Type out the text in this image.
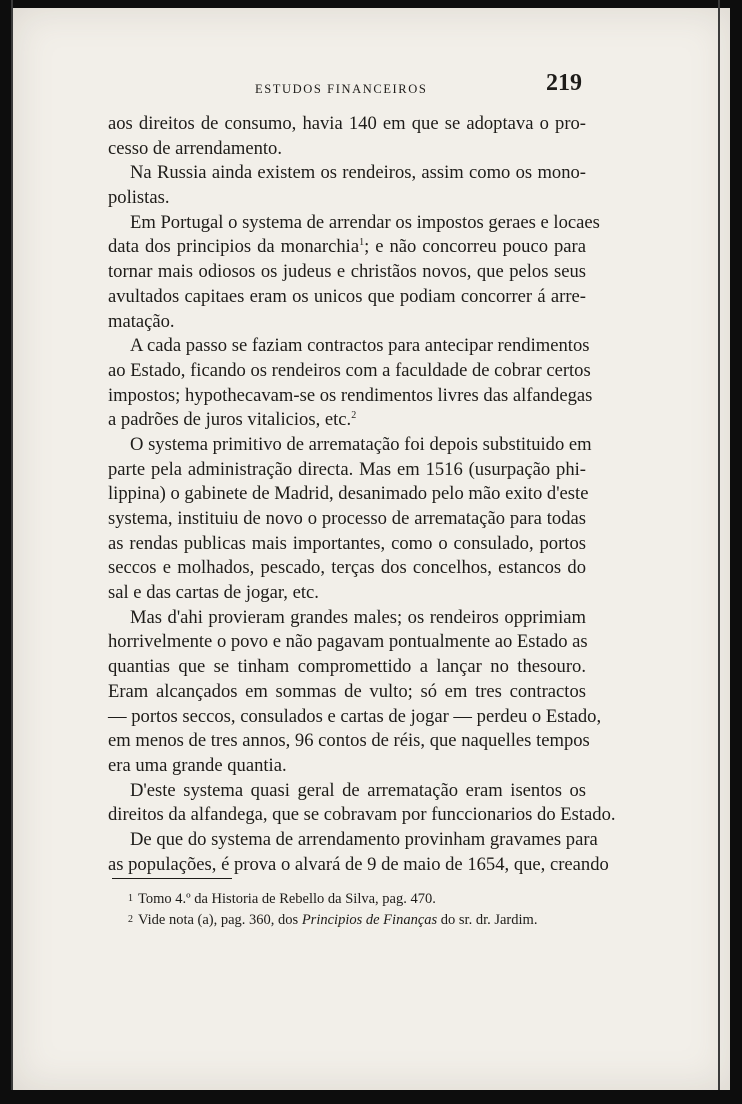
ESTUDOS FINANCEIROS	219
aos direitos de consumo, havia 140 em que se adoptava o pro-
cesso de arrendamento.
Na Russia ainda existem os rendeiros, assim como os mono-
polistas.
Em Portugal o systema de arrendar os impostos geraes e locaes
data dos principios da monarchia$^1$; e não concorreu pouco para
tornar mais odiosos os judeus e christãos novos, que pelos seus
avultados capitaes eram os unicos que podiam concorrer á arre-
matação.
A cada passo se faziam contractos para antecipar rendimentos
ao Estado, ficando os rendeiros com a faculdade de cobrar certos
impostos; hypothecavam-se os rendimentos livres das alfandegas
a padrões de juros vitalicios, etc.$^2$
O systema primitivo de arrematação foi depois substituido em
parte pela administração directa. Mas em 1516 (usurpação phi-
lippina) o gabinete de Madrid, desanimado pelo mão exito d'este
systema, instituiu de novo o processo de arrematação para todas
as rendas publicas mais importantes, como o consulado, portos
seccos e molhados, pescado, terças dos concelhos, estancos do
sal e das cartas de jogar, etc.
Mas d'ahi provieram grandes males; os rendeiros opprimiam
horrivelmente o povo e não pagavam pontualmente ao Estado as
quantias que se tinham compromettido a lançar no thesouro.
Eram alcançados em sommas de vulto; só em tres contractos
— portos seccos, consulados e cartas de jogar — perdeu o Estado,
em menos de tres annos, 96 contos de réis, que naquelles tempos
era uma grande quantia.
D'este systema quasi geral de arrematação eram isentos os
direitos da alfandega, que se cobravam por funccionarios do Estado.
De que do systema de arrendamento provinham gravames para
as populações, é prova o alvará de 9 de maio de 1654, que, creando
1 Tomo 4.º da Historia de Rebello da Silva, pag. 470.
2 Vide nota (a), pag. 360, dos Principios de Finanças do sr. dr. Jardim.
